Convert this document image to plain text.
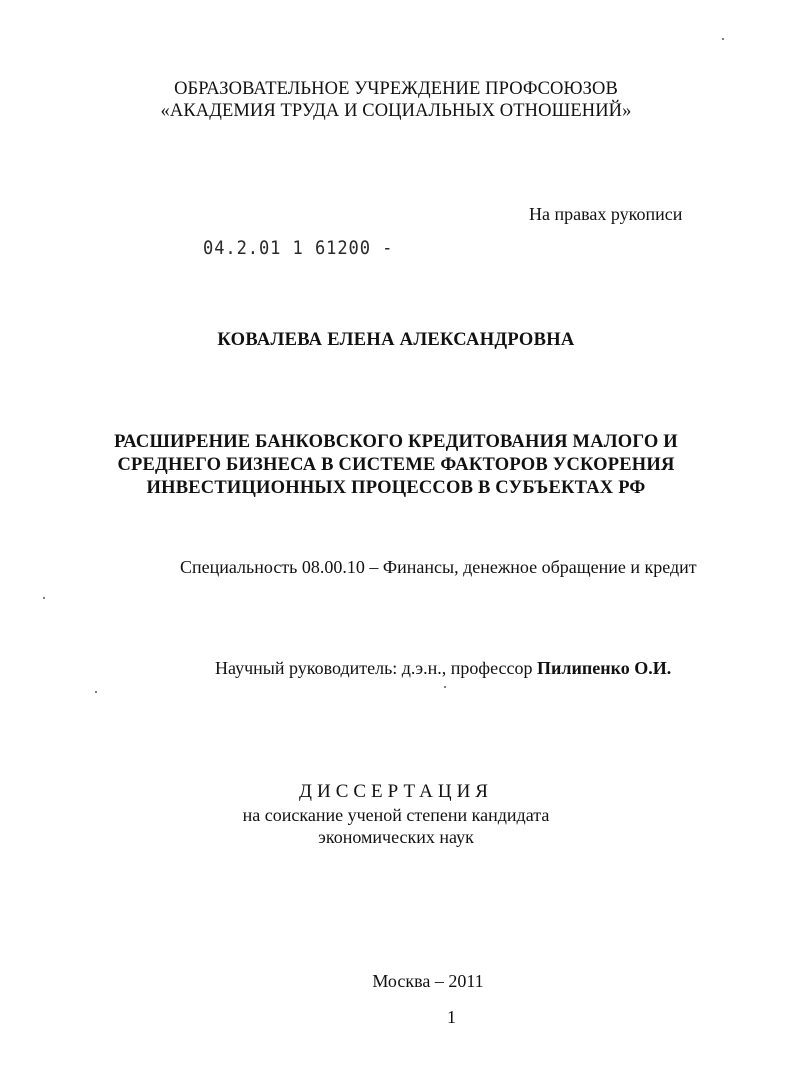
ОБРАЗОВАТЕЛЬНОЕ УЧРЕЖДЕНИЕ ПРОФСОЮЗОВ
«АКАДЕМИЯ ТРУДА И СОЦИАЛЬНЫХ ОТНОШЕНИЙ»
На правах рукописи
04.2.01 1 61200 -
КОВАЛЕВА ЕЛЕНА АЛЕКСАНДРОВНА
РАСШИРЕНИЕ БАНКОВСКОГО КРЕДИТОВАНИЯ МАЛОГО И
СРЕДНЕГО БИЗНЕСА В СИСТЕМЕ ФАКТОРОВ УСКОРЕНИЯ
ИНВЕСТИЦИОННЫХ ПРОЦЕССОВ В СУБЪЕКТАХ РФ
Специальность 08.00.10 – Финансы, денежное обращение и кредит
Научный руководитель: д.э.н., профессор Пилипенко О.И.
ДИССЕРТАЦИЯ
на соискание ученой степени кандидата
экономических наук
Москва – 2011
1
